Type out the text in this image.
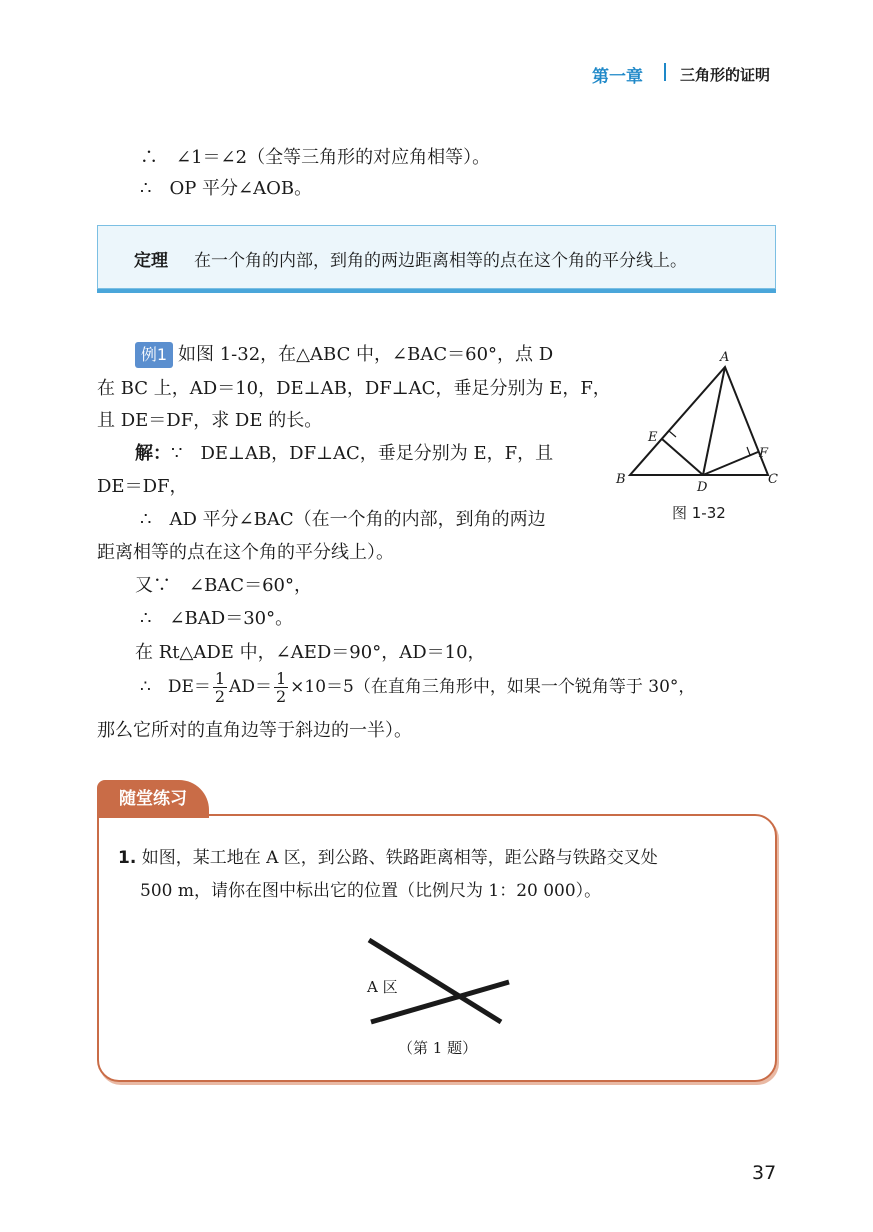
第一章 三角形的证明
∴　∠1＝∠2（全等三角形的对应角相等）。
∴　OP 平分∠AOB。
定理 在一个角的内部，到角的两边距离相等的点在这个角的平分线上。
例1 如图 1-32，在△ABC 中，∠BAC＝60°，点 D
在 BC 上，AD＝10，DE⊥AB，DF⊥AC，垂足分别为 E，F，
且 DE＝DF，求 DE 的长。
解：∵　DE⊥AB，DF⊥AC，垂足分别为 E，F，且
DE＝DF，
∴　AD 平分∠BAC（在一个角的内部，到角的两边
距离相等的点在这个角的平分线上）。
又∵　∠BAC＝60°，
∴　∠BAD＝30°。
在 Rt△ADE 中，∠AED＝90°，AD＝10，
∴　$DE= \frac{1}{2} AD= \frac{1}{2} \times 10=5$（在直角三角形中，如果一个锐角等于 30°，
那么它所对的直角边等于斜边的一半）。
A
B	C
D
E
F
图 1-32
随堂练习
1. 如图，某工地在 A 区，到公路、铁路距离相等，距公路与铁路交叉处
500 m，请你在图中标出它的位置（比例尺为 1：20 000）。
A 区
（第 1 题）
37
